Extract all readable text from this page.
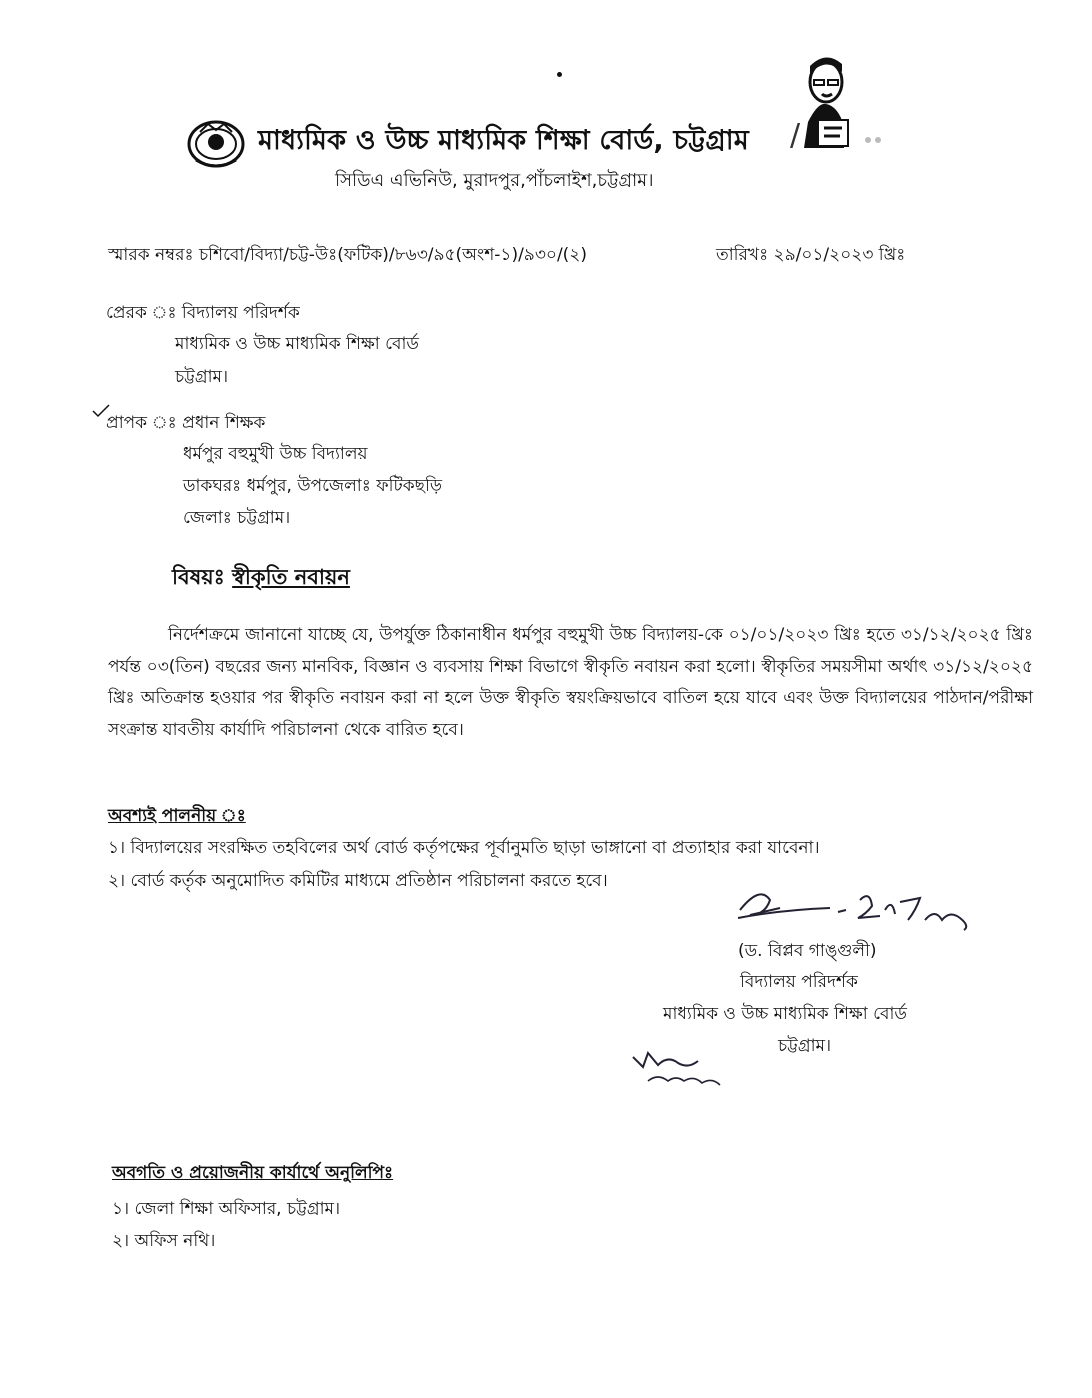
মাধ্যমিক ও উচ্চ মাধ্যমিক শিক্ষা বোর্ড, চট্টগ্রাম /
সিডিএ এভিনিউ, মুরাদপুর,পাঁচলাইশ,চট্টগ্রাম।
স্মারক নম্বরঃ চশিবো/বিদ্যা/চট্ট-উঃ(ফটিক)/৮৬৩/৯৫(অংশ-১)/৯৩০/(২)	তারিখঃ ২৯/০১/২০২৩ খ্রিঃ
প্রেরক ঃ বিদ্যালয় পরিদর্শক
মাধ্যমিক ও উচ্চ মাধ্যমিক শিক্ষা বোর্ড
চট্টগ্রাম।
প্রাপক ঃ প্রধান শিক্ষক
ধর্মপুর বহুমুখী উচ্চ বিদ্যালয়
ডাকঘরঃ ধর্মপুর, উপজেলাঃ ফটিকছড়ি
জেলাঃ চট্টগ্রাম।
বিষয়ঃ স্বীকৃতি নবায়ন
নির্দেশক্রমে জানানো যাচ্ছে যে, উপর্যুক্ত ঠিকানাধীন ধর্মপুর বহুমুখী উচ্চ বিদ্যালয়-কে ০১/০১/২০২৩ খ্রিঃ হতে ৩১/১২/২০২৫ খ্রিঃ পর্যন্ত ০৩(তিন) বছরের জন্য মানবিক, বিজ্ঞান ও ব্যবসায় শিক্ষা বিভাগে স্বীকৃতি নবায়ন করা হলো। স্বীকৃতির সময়সীমা অর্থাৎ ৩১/১২/২০২৫ খ্রিঃ অতিক্রান্ত হওয়ার পর স্বীকৃতি নবায়ন করা না হলে উক্ত স্বীকৃতি স্বয়ংক্রিয়ভাবে বাতিল হয়ে যাবে এবং উক্ত বিদ্যালয়ের পাঠদান/পরীক্ষা সংক্রান্ত যাবতীয় কার্যাদি পরিচালনা থেকে বারিত হবে।
অবশ্যই পালনীয় ঃ
১। বিদ্যালয়ের সংরক্ষিত তহবিলের অর্থ বোর্ড কর্তৃপক্ষের পূর্বানুমতি ছাড়া ভাঙ্গানো বা প্রত্যাহার করা যাবেনা।
২। বোর্ড কর্তৃক অনুমোদিত কমিটির মাধ্যমে প্রতিষ্ঠান পরিচালনা করতে হবে।
(ড. বিপ্লব গাঙ্গুলী)
বিদ্যালয় পরিদর্শক
মাধ্যমিক ও উচ্চ মাধ্যমিক শিক্ষা বোর্ড
চট্টগ্রাম।
অবগতি ও প্রয়োজনীয় কার্যার্থে অনুলিপিঃ
১। জেলা শিক্ষা অফিসার, চট্টগ্রাম।
২। অফিস নথি।
